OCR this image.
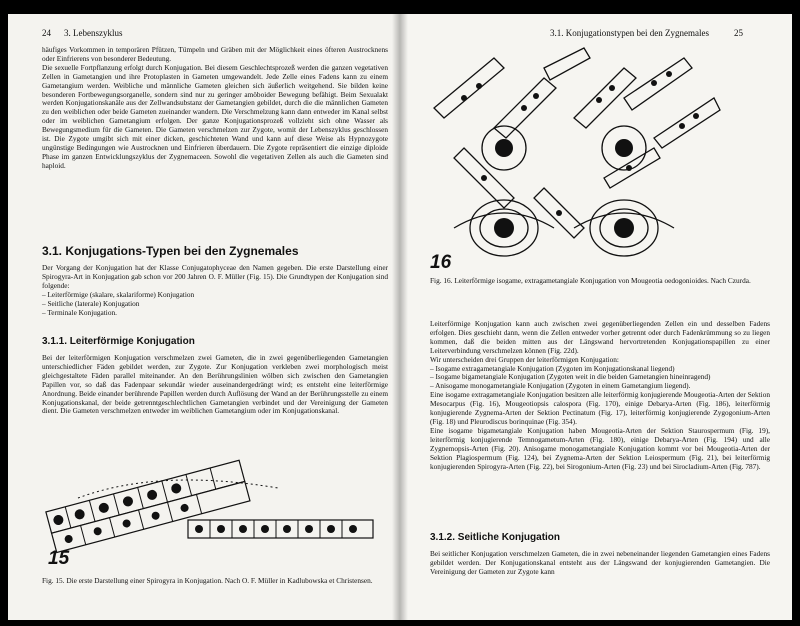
24 3. Lebenszyklus

häufiges Vorkommen in temporären Pfützen, Tümpeln und Gräben mit der Möglichkeit eines öfteren Austrocknens oder Einfrierens von besonderer Bedeutung.

Die sexuelle Fortpflanzung erfolgt durch Konjugation. Bei diesem Geschlechtsprozeß werden die ganzen vegetativen Zellen in Gametangien und ihre Protoplasten in Gameten umgewandelt. Jede Zelle eines Fadens kann zu einem Gametangium werden. Weibliche und männliche Gameten gleichen sich äußerlich weitgehend. Sie bilden keine besonderen Fortbewegungsorganelle, sondern sind nur zu geringer amöboider Bewegung befähigt. Beim Sexualakt werden Konjugationskanäle aus der Zellwandsubstanz der Gametangien gebildet, durch die die männlichen Gameten zu den weiblichen oder beide Gameten zueinander wandern. Die Verschmelzung kann dann entweder im Kanal selbst oder im weiblichen Gametangium erfolgen. Der ganze Konjugationsprozeß vollzieht sich ohne Wasser als Bewegungsmedium für die Gameten. Die Gameten verschmelzen zur Zygote, womit der Lebenszyklus geschlossen ist. Die Zygote umgibt sich mit einer dicken, geschichteten Wand und kann auf diese Weise als Hypnozygote ungünstige Bedingungen wie Austrocknen und Einfrieren überdauern. Die Zygote repräsentiert die einzige diploide Phase im ganzen Entwicklungszyklus der Zygnemaceen. Sowohl die vegetativen Zellen als auch die Gameten sind haploid.

3.1. Konjugations-Typen bei den Zygnemales

Der Vorgang der Konjugation hat der Klasse Conjugatophyceae den Namen gegeben. Die erste Darstellung einer Spirogyra-Art in Konjugation gab schon vor 200 Jahren O. F. Müller (Fig. 15). Die Grundtypen der Konjugation sind folgende:

– Leiterförmige (skalare, skalariforme) Konjugation
– Seitliche (laterale) Konjugation
– Terminale Konjugation.
3.1.1. Leiterförmige Konjugation

Bei der leiterförmigen Konjugation verschmelzen zwei Gameten, die in zwei gegenüberliegenden Gametangien unterschiedlicher Fäden gebildet werden, zur Zygote. Zur Konjugation verkleben zwei morphologisch meist gleichgestaltete Fäden parallel miteinander. An den Berührungslinien wölben sich zwischen den Gametangien Papillen vor, so daß das Fadenpaar sekundär wieder auseinandergedrängt wird; es entsteht eine leiterförmige Anordnung. Beide einander berührende Papillen werden durch Auflösung der Wand an der Berührungsstelle zu einem Konjugationskanal, der beide getrenntgeschlechtlichen Gametangien verbindet und der Vereinigung der Gameten dient. Die Gameten verschmelzen entweder im weiblichen Gametangium oder im Konjugationskanal.

15
Fig. 15. Die erste Darstellung einer Spirogyra in Konjugation. Nach O. F. Müller in Kadlubowska et Christensen.
3.1. Konjugationstypen bei den Zygnemales	25
16
Fig. 16. Leiterförmige isogame, extragametangiale Konjugation von Mougeotia oedogonioides. Nach Czurda.

Leiterförmige Konjugation kann auch zwischen zwei gegenüberliegenden Zellen ein und desselben Fadens erfolgen. Dies geschieht dann, wenn die Zellen entweder vorher getrennt oder durch Fadenkrümmung so zu liegen kommen, daß die beiden mitten aus der Längswand hervortretenden Konjugationspapillen zu einer Leiterverbindung verschmelzen können (Fig. 22d).

Wir unterscheiden drei Gruppen der leiterförmigen Konjugation:

– Isogame extragametangiale Konjugation (Zygoten im Konjugationskanal liegend)
– Isogame bigametangiale Konjugation (Zygoten weit in die beiden Gametangien hineinragend)
– Anisogame monogametangiale Konjugation (Zygoten in einem Gametangium liegend).

Eine isogame extragametangiale Konjugation besitzen alle leiterförmig konjugierende Mougeotia-Arten der Sektion Mesocarpus (Fig. 16), Mougeotiopsis calospora (Fig. 170), einige Debarya-Arten (Fig. 186), leiterförmig konjugierende Zygnema-Arten der Sektion Pectinatum (Fig. 17), leiterförmig konjugierende Zygogonium-Arten (Fig. 18) und Pleurodiscus borinquinae (Fig. 354).

Eine isogame bigametangiale Konjugation haben Mougeotia-Arten der Sektion Staurospermum (Fig. 19), leiterförmig konjugierende Temnogametum-Arten (Fig. 180), einige Debarya-Arten (Fig. 194) und alle Zygnemopsis-Arten (Fig. 20). Anisogame monogametangiale Konjugation kommt vor bei Mougeotia-Arten der Sektion Plagiospermum (Fig. 124), bei Zygnema-Arten der Sektion Leiospermum (Fig. 21), bei leiterförmig konjugierenden Spirogyra-Arten (Fig. 22), bei Sirogonium-Arten (Fig. 23) und bei Sirocladium-Arten (Fig. 787).

3.1.2. Seitliche Konjugation

Bei seitlicher Konjugation verschmelzen Gameten, die in zwei nebeneinander liegenden Gametangien eines Fadens gebildet werden. Der Konjugationskanal entsteht aus der Längswand der konjugierenden Gametangien. Die Vereinigung der Gameten zur Zygote kann
